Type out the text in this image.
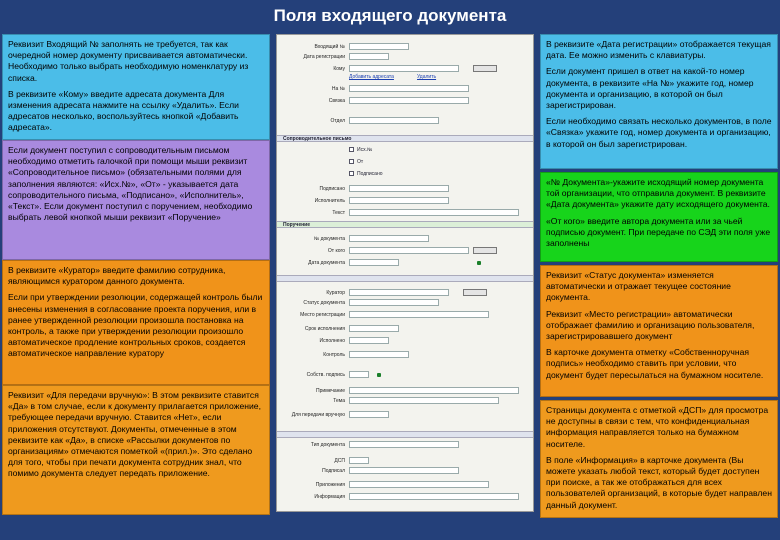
Поля входящего документа

Реквизит Входящий № заполнять не требуется, так как очередной номер документу присваивается автоматически. Необходимо только выбрать необходимую номенклатуру из списка.

В реквизите «Кому» введите адресата документа Для изменения адресата нажмите на ссылку «Удалить». Если адресатов несколько, воспользуйтесь кнопкой «Добавить адресата».

Если документ поступил с сопроводительным письмом необходимо отметить галочкой при помощи мыши реквизит «Сопроводительное письмо» (обязательными полями для заполнения являются: «Исх.№», «От» - указывается дата сопроводительного письма, «Подписано», «Исполнитель», «Текст». Если документ поступил с поручением, необходимо выбрать левой кнопкой мыши реквизит «Поручение»

В реквизите «Куратор» введите фамилию сотрудника, являющимся куратором данного документа.

Если при утверждении резолюции, содержащей контроль были внесены изменения в согласование проекта поручения, или в ранее утвержденной резолюции произошла постановка на контроль, а также при утверждении резолюции произошло автоматическое продление контрольных сроков, создается автоматическое направление куратору

Реквизит «Для передачи вручную»: В этом реквизите ставится «Да» в том случае, если к документу прилагается приложение, требующее передачи вручную. Ставится «Нет», если приложения отсутствуют. Документы, отмеченные в этом реквизите как «Да», в списке «Рассылки документов по организациям» отмечаются пометкой «(прил.)». Это сделано для того, чтобы при печати документа сотрудник знал, что помимо документа следует передать приложение.

В реквизите «Дата регистрации» отображается текущая дата. Ее можно изменить с клавиатуры.

Если документ пришел в ответ на какой-то номер документа, в реквизите «На №» укажите год, номер документа и организацию, в которой он был зарегистрирован.

Если необходимо связать несколько документов, в поле «Связка» укажите год, номер документа и организацию, в которой он был зарегистрирован.

«№ Документа»-укажите исходящий номер документа той организации, что отправила документ. В реквизите «Дата документа» укажите дату исходящего документа.

«От кого» введите автора документа или за чьей подписью документ. При передаче по СЭД эти поля уже заполнены

Реквизит «Статус документа» изменяется автоматически и отражает текущее состояние документа.

Реквизит «Место регистрации» автоматически отображает фамилию и организацию пользователя, зарегистрировавшего документ

В карточке документа отметку «Собственноручная подпись» необходимо ставить при условии, что документ будет пересылаться на бумажном носителе.

Страницы документа с отметкой «ДСП» для просмотра не доступны в связи с тем, что конфиденциальная информация направляется только на бумажном носителе.

В поле «Информация» в карточке документа (Вы можете указать любой текст, который будет доступен при поиске, а так же отображаться для всех пользователей организаций, в которые будет направлен данный документ.

Входящий №
Дата регистрации
Кому
На №
Связка
Отдел
Подписано
Исполнитель
Текст
№ документа
От кого
Дата документа
Куратор
Статус документа
Место регистрации
Срок исполнения
Исполнено
Контроль
Собств. подпись
Примечание
Тема
Для передачи вручную
Тип документа
ДСП
Подписал
Приложения
Информация
Сопроводительное письмо
Поручение
Добавить адресата	Удалить
Исх.№
От
Подписано
